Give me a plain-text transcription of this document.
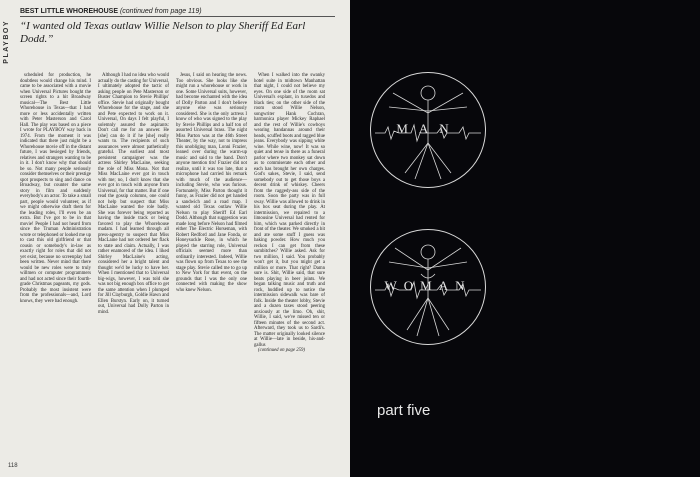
PLAYBOY
BEST LITTLE WHOREHOUSE (continued from page 119)
“I wanted old Texas outlaw Willie Nelson to play Sheriff Ed Earl Dodd.”

scheduled for production, he doubtless would change his mind. I came to be associated with a movie when Universal Pictures bought the screen rights to a hit Broadway musical—The Best Little Whorehouse in Texas—that I had more or less accidentally written with Peter Masterson and Carol Hall. The play was based on a piece I wrote for PLAYBOY way back in 1974. From the moment it was indicated that there just might be a Whorehouse movie off in the distant future, I was besieged by friends, relatives and strangers wanting to be in it. I don't know why that should be so. Not many people seriously consider themselves or their prestige spot prospects to sing and dance on Broadway, but counter the same story in film and suddenly everybody's an actor. To take a small part, people would volunteer, as if we might otherwise draft them for the leading roles, I'll even be an extra. But I've got to be in that movie! People I had not heard from since the Truman Administration wrote or telephoned or looked me up to cast this old girlfriend or that cousin or somebody's in-law as exactly right for roles that did not yet exist, because no screenplay had been written. Never mind that there would be new roles were to truly willmen or computer programmers and had not acted since their fourth-grade Christmas pageants, my gods. Probably the most insistent were from the professionals—and, Lord knows, they were bad enough.

Although I had no idea who would actually do the casting for Universal, I ultimately adopted the tactic of asking people on Pete Masterson or Buster Champion to Stevie Phillips' office. Stevie had originally bought Whorehouse for the stage, and she and Pete expected to work on it. Universal, On days I felt playful, I solemnly assured the aspirants: Don't call me for an answer. He [she] can do it if he [she] really wants to. The recipients of such assurances were almost pathetically grateful. The earliest and most persistent campaigner was the actress Shirley MacLaine, seeking the role of Miss Mona. Not that Miss MacLaine ever got in touch with me; no, I don't know that she ever got in touch with anyone from Universal, for that matter. But if one read the gossip columns, one could not help but suspect that Miss MacLaine wanted the role badly. She was forever being reported as having the inside track or being favored to play the Whorehouse madam. I had learned through all press-agentry to suspect that Miss MacLaine had not ordered her flack to state and claim. Actually, I was rather enamored of the idea. I liked Shirley MacLaine's acting, considered her a bright talent and thought we'd be lucky to have her. When I mentioned that to Universal big-wigs, however, I was told she was not big enough box office to get the same attention when I plumped for Jill Clayburgh, Goldie Hawn and Ellen Burstyn. Early on, it turned out, Universal had Dolly Parton in mind.

Jesus, I said on hearing the news. Too obvious. She looks like she might run a whorehouse or work in one. Some Universal suits, however, had become enchanted with the idea of Dolly Parton and I don't believe anyone else was seriously considered. She is the only actress I know of who was signed to the play by Stevie Phillips and a half ton of assorted Universal brass. The night Miss Parton was at the 46th Street Theater, by the way, not to impress this unobliging man, Lonni Frazier, leaned over during the warm-up music and said to the band. Don't anyone mention tits! Frazier did not realize, until it was too late, that a microphone had carried his remark with much of the audience—including Stevie, who was furious. Fortunately, Miss Parton thought it funny, as Frazier did not get handed a sandwich and a road map. I wanted old Texas outlaw Willie Nelson to play Sheriff Ed Earl Dodd. Although that suggestion was made long before Nelson had filmed either The Electric Horseman, with Robert Redford and Jane Fonda, or Honeysuckle Rose, in which he played the starring role, Universal officials seemed more than ordinarily interested. Indeed, Willie was flown up from Texas to see the stage play. Stevie called me to go up to New York for that event, on the grounds that I was the only one connected with making the show who knew Nelson.

When I walked into the swanky hotel suite in midtown Manhattan that night, I could not believe my eyes. On one side of the room sat Universal's explant, in tuxedos and black ties; on the other side of the room stood Willie Nelson, songwriter Hank Cochran, harmonica player Mickey Raphael and the rest of Willie's cowboys wearing bandannas around their heads, scuffed boots and ragged blue jeans. Everybody was sipping white wine. While wine, now! It was so quiet and tense in there as a funeral parlor where two monkey sat down as to commiserate each other and each has brought her own charges. God's sakes, Stevie, I said, send somebody out to get those boys a decent drink of whiskey. Cheers from the raggedy-ass side of the room. Soon the party was in full sway. Willie was allowed to drink in his box seat during the play. At intermission, we repaired to a limousine Universal had rented for him, which was parked directly in front of the theater. We smoked a bit and ate some stuff I guess was baking powder. How much you reckon I can get from these sumbitches? Willie asked. Ask for two million, I said. You probably won't get it, but you might get a million or more. That right? Damn sure is. Shit, Willie said, that sure beats playing in beer joints. We began talking music and truth and rock, huddled up to notice the intermission sidewalk was bare of folk. Inside the theater lobby, Stevie and a dozen taxes stood peering anxiously at the limo. Oh, shit, Willie, I said, we've missed ten or fifteen minutes of the second act. Afterward, they took us to Sardi's. The matter originally looked silence at Willie—late in beside, his-and-gallus

(continued on page 259)

118
MAN
WOMAN
part five
